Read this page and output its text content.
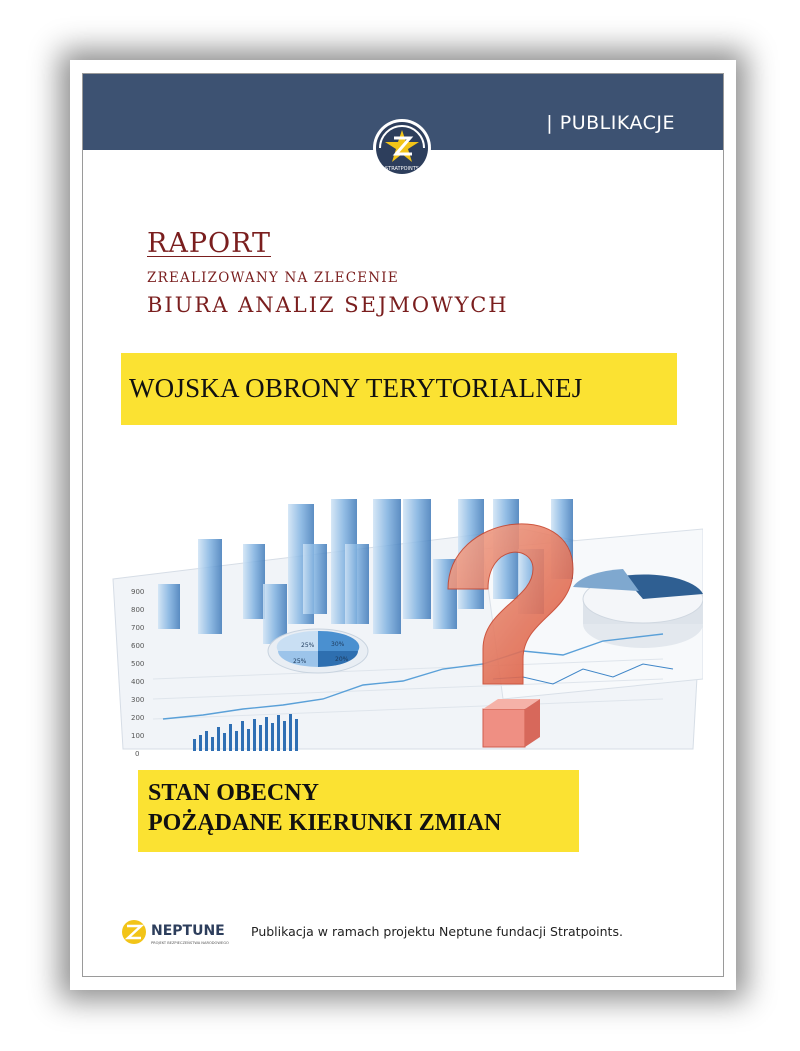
| PUBLIKACJE
STRATPOINTS
RAPORT
ZREALIZOWANY NA ZLECENIE
BIURA ANALIZ SEJMOWYCH
WOJSKA OBRONY TERYTORIALNEJ
900
800
700
600
500
400
300
200
100
0
25%	30%
20%
25%
STAN OBECNY
POŻĄDANE KIERUNKI ZMIAN
NEPTUNE
PROJEKT BEZPIECZEŃSTWA NARODOWEGO
Publikacja w ramach projektu Neptune fundacji Stratpoints.
